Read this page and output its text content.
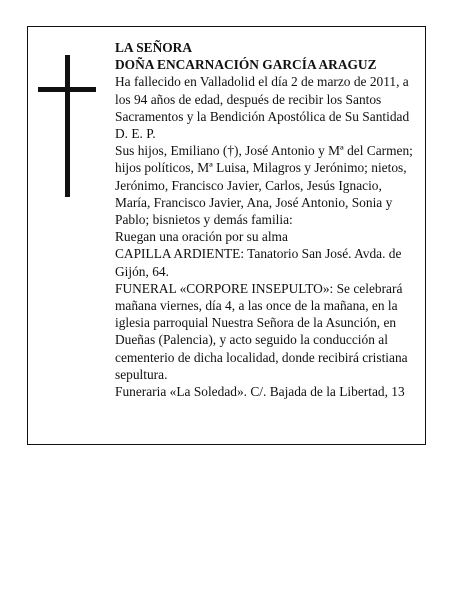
LA SEÑORA

DOÑA ENCARNACIÓN GARCÍA ARAGUZ

Ha fallecido en Valladolid el día 2 de marzo de 2011, a los 94 años de edad, después de recibir los Santos Sacramentos y la Bendición Apostólica de Su Santidad D. E. P.

Sus hijos, Emiliano (†), José Antonio y Mª del Carmen; hijos políticos, Mª Luisa, Milagros y Jerónimo; nietos, Jerónimo, Francisco Javier, Carlos, Jesús Ignacio, María, Francisco Javier, Ana, José Antonio, Sonia y Pablo; bisnietos y demás familia:

Ruegan una oración por su alma

CAPILLA ARDIENTE: Tanatorio San José. Avda. de Gijón, 64.

FUNERAL «CORPORE INSEPULTO»: Se celebrará mañana viernes, día 4, a las once de la mañana, en la iglesia parroquial Nuestra Señora de la Asunción, en Dueñas (Palencia), y acto seguido la conducción al cementerio de dicha localidad, donde recibirá cristiana sepultura.

Funeraria «La Soledad». C/. Bajada de la Libertad, 13
